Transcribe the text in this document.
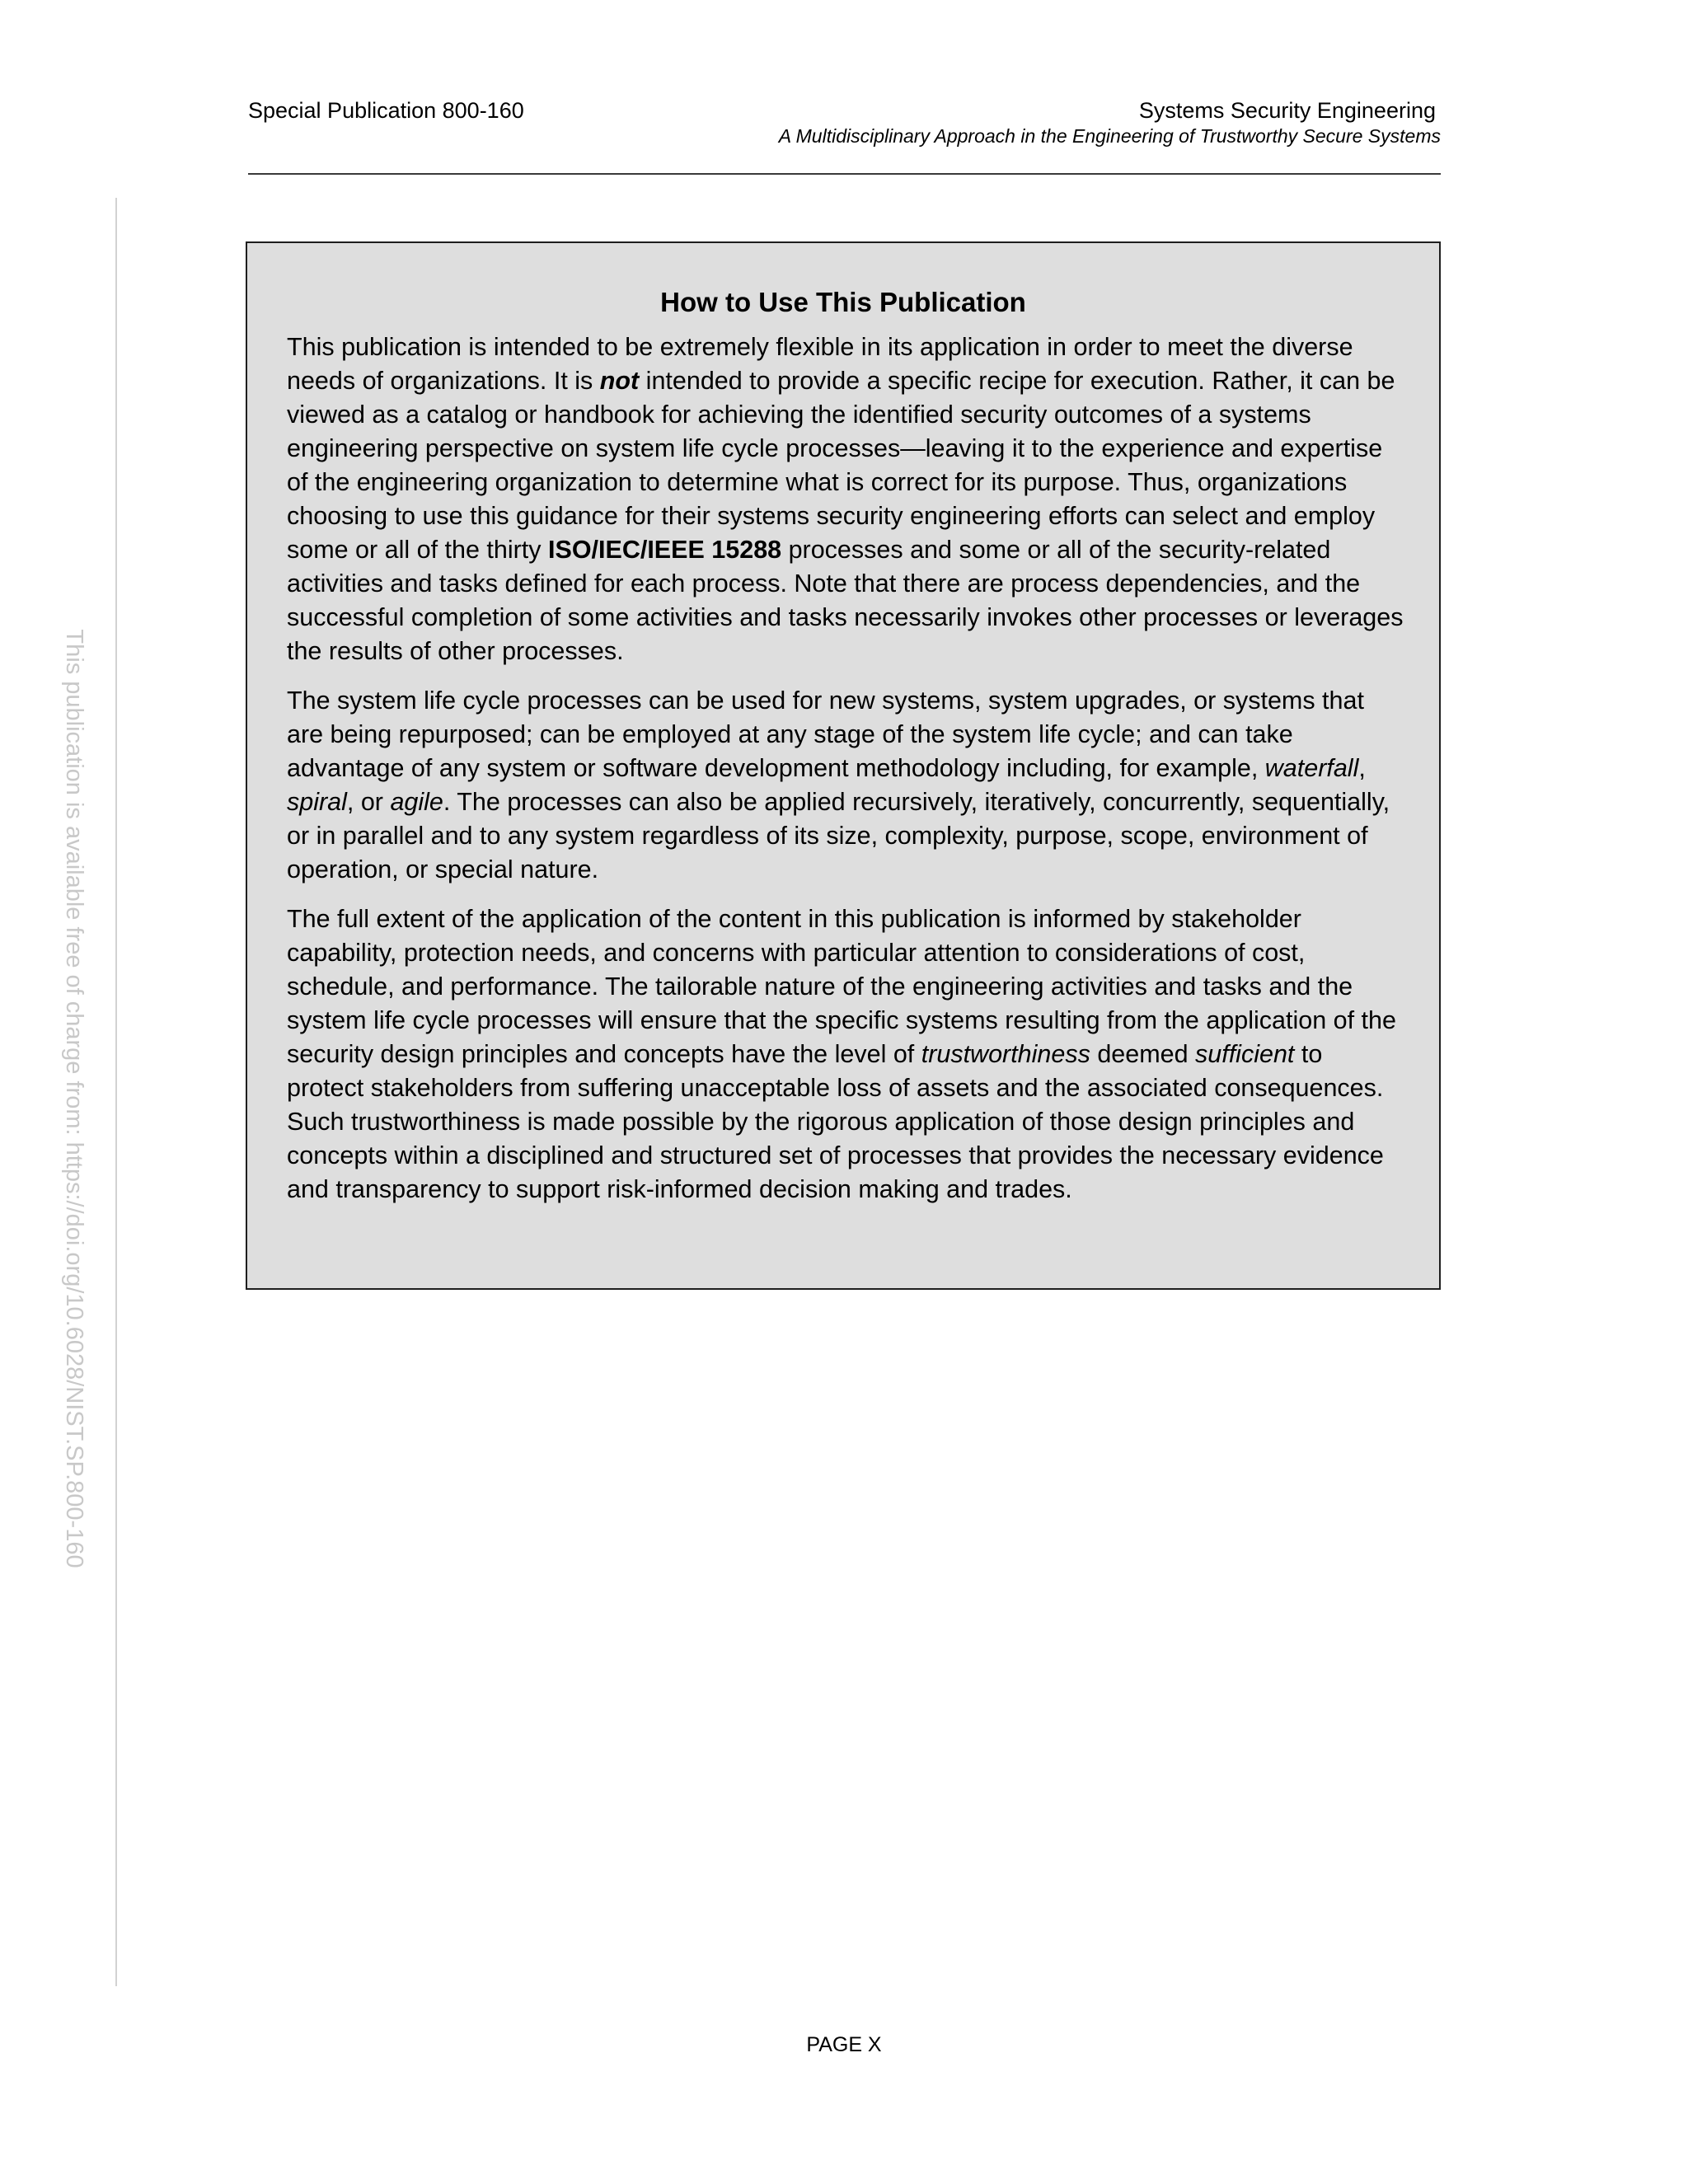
Special Publication 800-160	Systems Security Engineering
A Multidisciplinary Approach in the Engineering of Trustworthy Secure Systems
This publication is available free of charge from: https://doi.org/10.6028/NIST.SP.800-160
How to Use This Publication

This publication is intended to be extremely flexible in its application in order to meet the diverse needs of organizations. It is not intended to provide a specific recipe for execution. Rather, it can be viewed as a catalog or handbook for achieving the identified security outcomes of a systems engineering perspective on system life cycle processes—leaving it to the experience and expertise of the engineering organization to determine what is correct for its purpose. Thus, organizations choosing to use this guidance for their systems security engineering efforts can select and employ some or all of the thirty ISO/IEC/IEEE 15288 processes and some or all of the security-related activities and tasks defined for each process. Note that there are process dependencies, and the successful completion of some activities and tasks necessarily invokes other processes or leverages the results of other processes.

The system life cycle processes can be used for new systems, system upgrades, or systems that are being repurposed; can be employed at any stage of the system life cycle; and can take advantage of any system or software development methodology including, for example, waterfall, spiral, or agile. The processes can also be applied recursively, iteratively, concurrently, sequentially, or in parallel and to any system regardless of its size, complexity, purpose, scope, environment of operation, or special nature.

The full extent of the application of the content in this publication is informed by stakeholder capability, protection needs, and concerns with particular attention to considerations of cost, schedule, and performance. The tailorable nature of the engineering activities and tasks and the system life cycle processes will ensure that the specific systems resulting from the application of the security design principles and concepts have the level of trustworthiness deemed sufficient to protect stakeholders from suffering unacceptable loss of assets and the associated consequences. Such trustworthiness is made possible by the rigorous application of those design principles and concepts within a disciplined and structured set of processes that provides the necessary evidence and transparency to support risk-informed decision making and trades.

PAGE X
